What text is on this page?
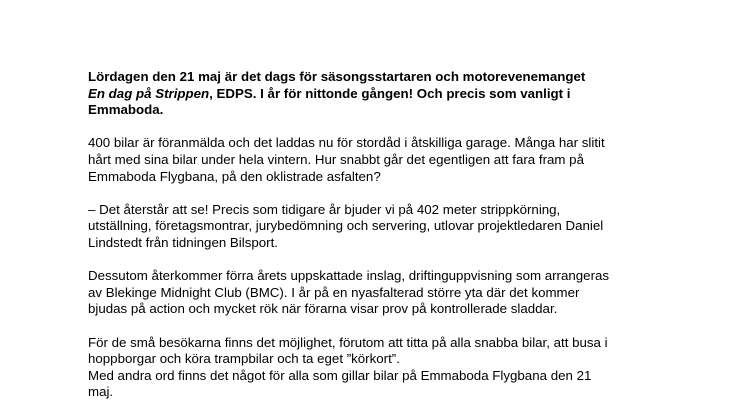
Lördagen den 21 maj är det dags för säsongsstartaren och motorevenemanget
En dag på Strippen, EDPS. I år för nittonde gången! Och precis som vanligt i
Emmaboda.
400 bilar är föranmälda och det laddas nu för stordåd i åtskilliga garage. Många har slitit
hårt med sina bilar under hela vintern. Hur snabbt går det egentligen att fara fram på
Emmaboda Flygbana, på den oklistrade asfalten?
– Det återstår att se! Precis som tidigare år bjuder vi på 402 meter strippkörning,
utställning, företagsmontrar, jurybedömning och servering, utlovar projektledaren Daniel
Lindstedt från tidningen Bilsport.
Dessutom återkommer förra årets uppskattade inslag, driftinguppvisning som arrangeras
av Blekinge Midnight Club (BMC). I år på en nyasfalterad större yta där det kommer
bjudas på action och mycket rök när förarna visar prov på kontrollerade sladdar.
För de små besökarna finns det möjlighet, förutom att titta på alla snabba bilar, att busa i
hoppborgar och köra trampbilar och ta eget ”körkort”.
Med andra ord finns det något för alla som gillar bilar på Emmaboda Flygbana den 21
maj.
